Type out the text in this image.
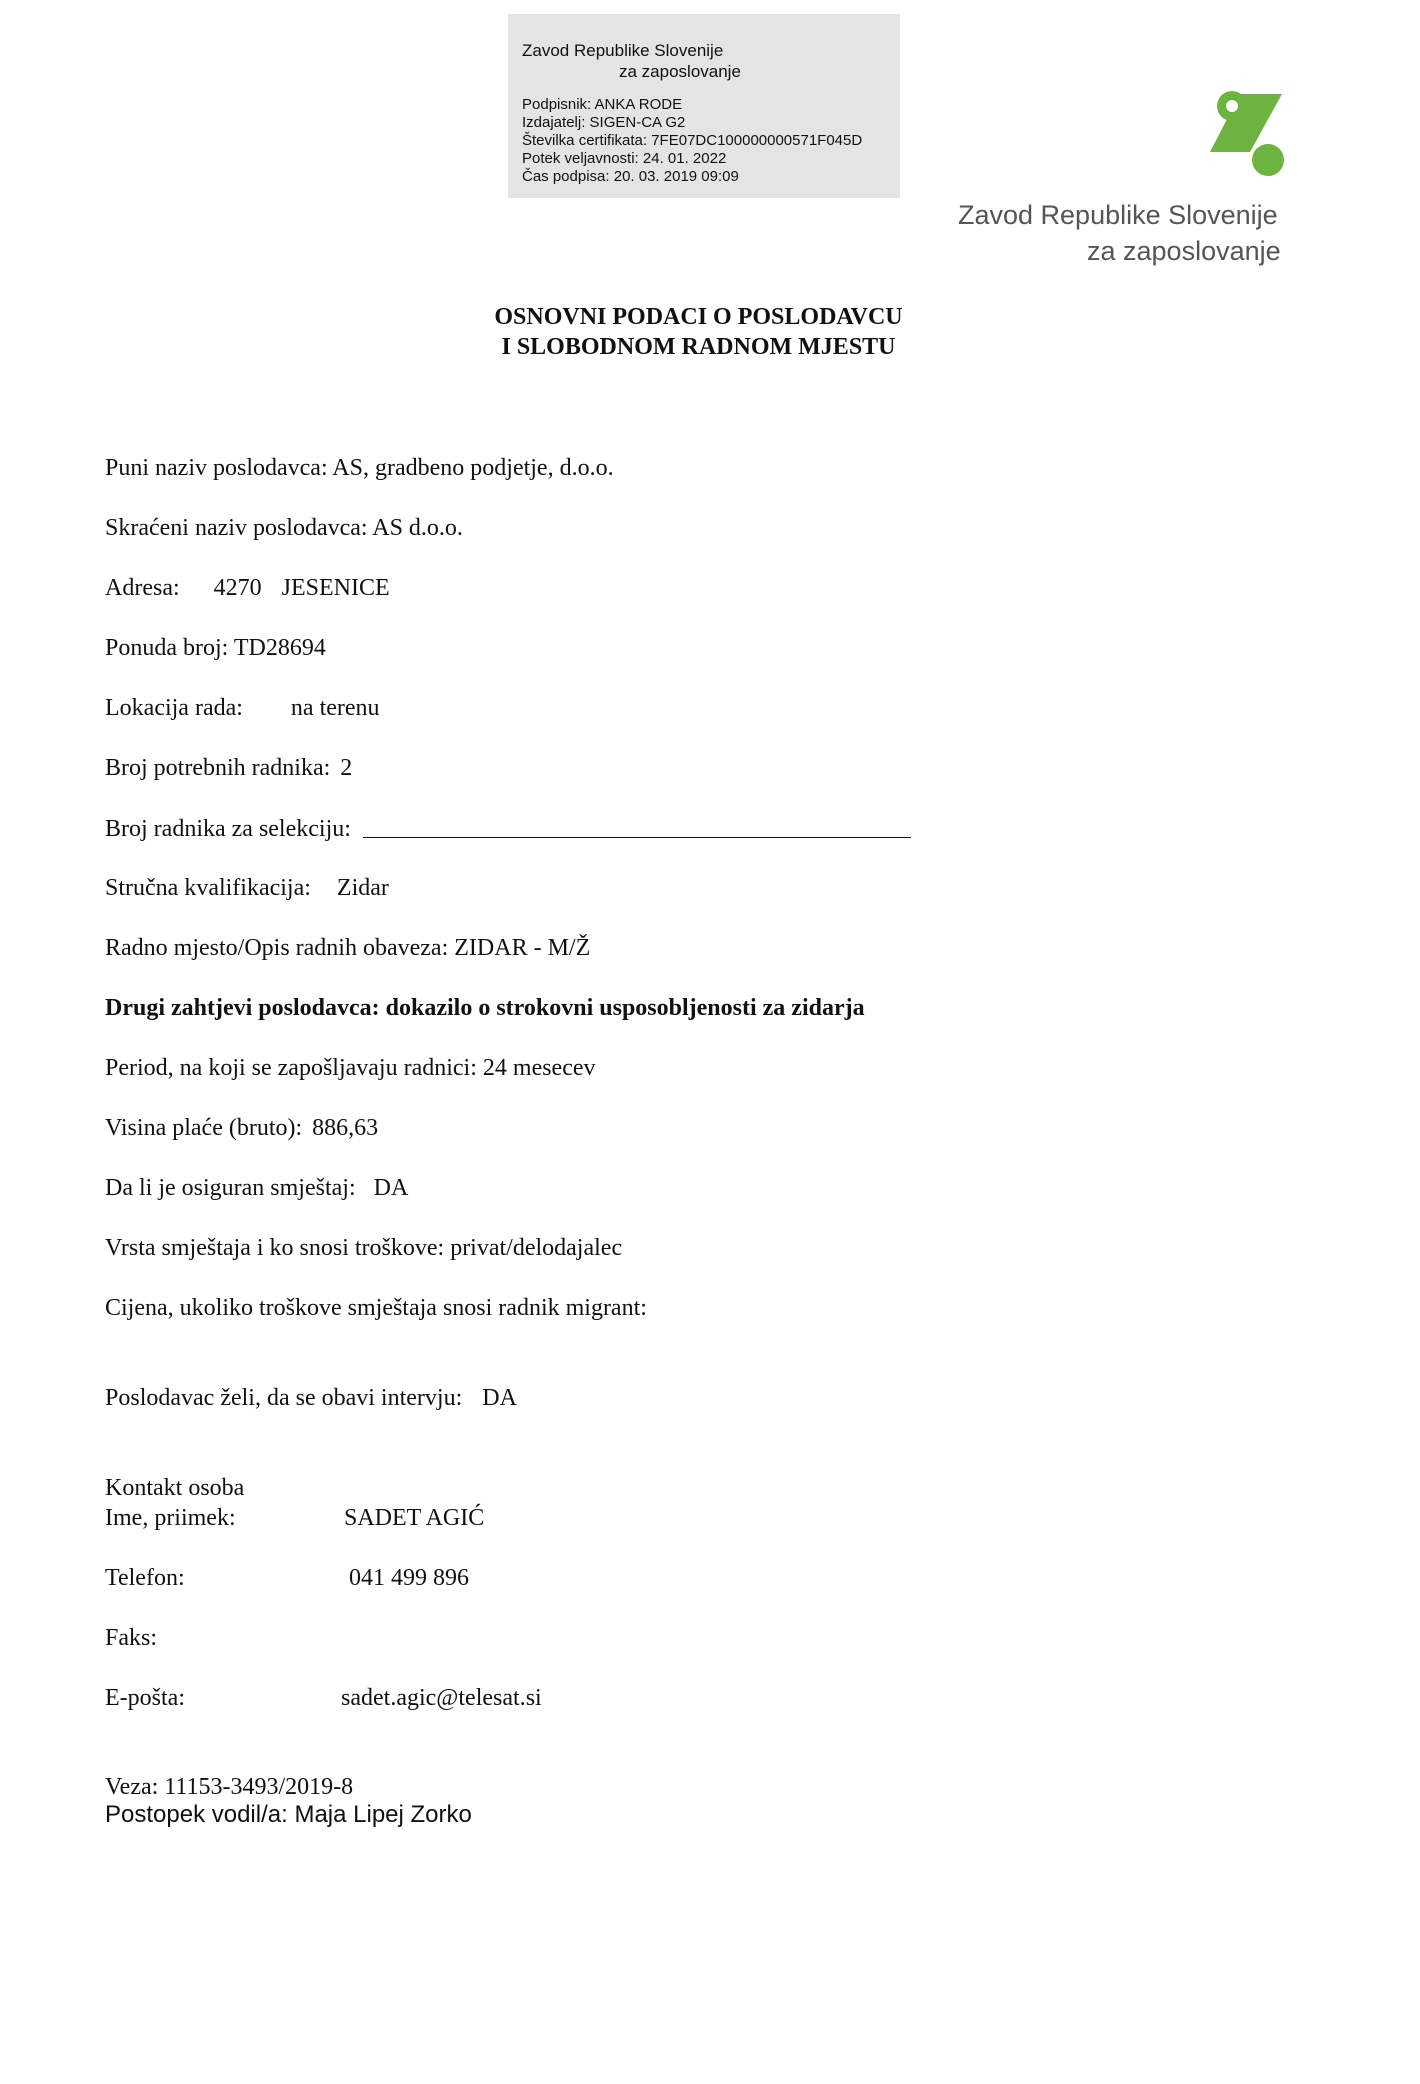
Zavod Republike Slovenije
za zaposlovanje
Podpisnik: ANKA RODE
Izdajatelj: SIGEN-CA G2
Številka certifikata: 7FE07DC100000000571F045D
Potek veljavnosti: 24. 01. 2022
Čas podpisa: 20. 03. 2019 09:09
Zavod Republike Slovenije
za zaposlovanje
OSNOVNI PODACI O POSLODAVCU
I SLOBODNOM RADNOM MJESTU
Puni naziv poslodavca: AS, gradbeno podjetje, d.o.o.
Skraćeni naziv poslodavca: AS d.o.o.
Adresa: 4270 JESENICE
Ponuda broj: TD28694
Lokacija rada: na terenu
Broj potrebnih radnika: 2
Broj radnika za selekciju:
Stručna kvalifikacija: Zidar
Radno mjesto/Opis radnih obaveza: ZIDAR - M/Ž
Drugi zahtjevi poslodavca: dokazilo o strokovni usposobljenosti za zidarja
Period, na koji se zapošljavaju radnici: 24 mesecev
Visina plaće (bruto): 886,63
Da li je osiguran smještaj: DA
Vrsta smještaja i ko snosi troškove: privat/delodajalec
Cijena, ukoliko troškove smještaja snosi radnik migrant:
Poslodavac želi, da se obavi intervju: DA
Kontakt osoba
Ime, priimek:	SADET AGIĆ
Telefon:	041 499 896
Faks:
E-pošta:	sadet.agic@telesat.si
Veza: 11153-3493/2019-8
Postopek vodil/a: Maja Lipej Zorko
